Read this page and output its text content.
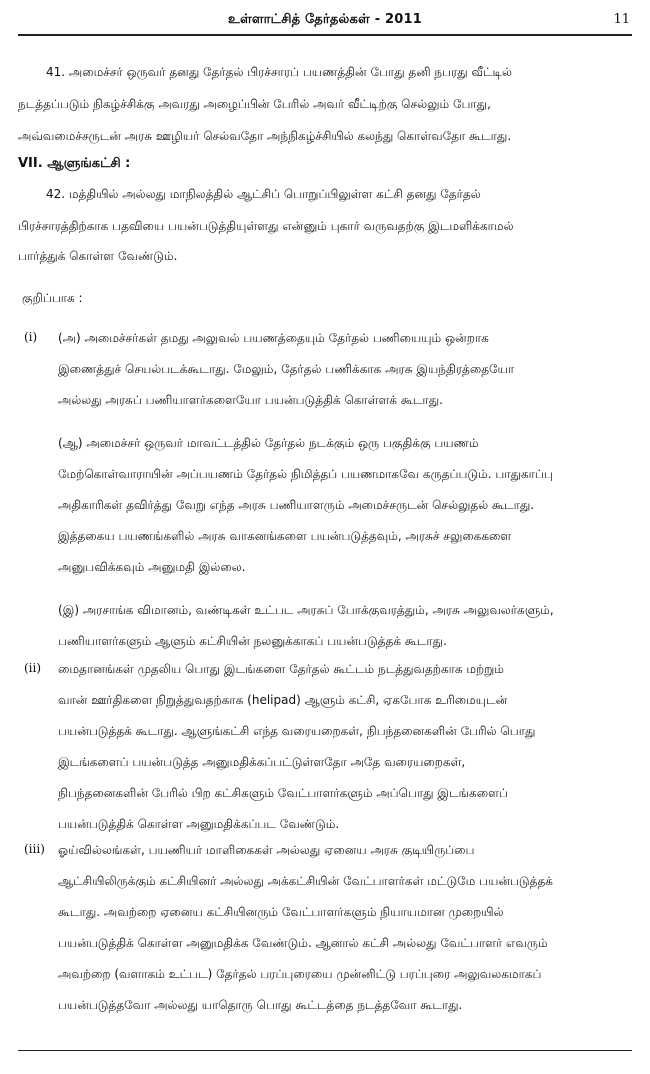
உள்ளாட்சித் தேர்தல்கள் - 2011	11

41. அமைச்சர் ஒருவர் தனது தேர்தல் பிரச்சாரப் பயணத்தின் போது தனி நபரது வீட்டில்

நடத்தப்படும் நிகழ்ச்சிக்கு அவரது அழைப்பின் பேரில் அவர் வீட்டிற்கு செல்லும் போது,

அவ்வமைச்சருடன் அரசு ஊழியர் செல்வதோ அந்நிகழ்ச்சியில் கலந்து கொள்வதோ கூடாது.

VII. ஆளுங்கட்சி :

42. மத்தியில் அல்லது மாநிலத்தில் ஆட்சிப் பொறுப்பிலுள்ள கட்சி தனது தேர்தல்

பிரச்சாரத்திற்காக பதவியை பயன்படுத்தியுள்ளது என்னும் புகார் வருவதற்கு இடமளிக்காமல்

பார்த்துக் கொள்ள வேண்டும்.

குறிப்பாக :

(i) (அ) அமைச்சர்கள் தமது அலுவல் பயணத்தையும் தேர்தல் பணியையும் ஒன்றாக

இணைத்துச் செயல்படக்கூடாது. மேலும், தேர்தல் பணிக்காக அரசு இயந்திரத்தையோ

அல்லது அரசுப் பணியாளர்களையோ பயன்படுத்திக் கொள்ளக் கூடாது.

(ஆ) அமைச்சர் ஒருவர் மாவட்டத்தில் தேர்தல் நடக்கும் ஒரு பகுதிக்கு பயணம்

மேற்கொள்வாராயின் அப்பயணம் தேர்தல் நிமித்தப் பயணமாகவே கருதப்படும். பாதுகாப்பு

அதிகாரிகள் தவிர்த்து வேறு எந்த அரசு பணியாளரும் அமைச்சருடன் செல்லுதல் கூடாது.

இத்தகைய பயணங்களில் அரசு வாகனங்களை பயன்படுத்தவும், அரசுச் சலுகைகளை

அனுபவிக்கவும் அனுமதி இல்லை.

(இ) அரசாங்க விமானம், வண்டிகள் உட்பட அரசுப் போக்குவரத்தும், அரசு அலுவலர்களும்,

பணியாளர்களும் ஆளும் கட்சியின் நலனுக்காகப் பயன்படுத்தக் கூடாது.

(ii) மைதானங்கள் முதலிய பொது இடங்களை தேர்தல் கூட்டம் நடத்துவதற்காக மற்றும்

வான் ஊர்திகளை நிறுத்துவதற்காக (helipad) ஆளும் கட்சி, ஏகபோக உரிமையுடன்

பயன்படுத்தக் கூடாது. ஆளுங்கட்சி எந்த வரையறைகள், நிபந்தனைகளின் பேரில் பொது

இடங்களைப் பயன்படுத்த அனுமதிக்கப்பட்டுள்ளதோ அதே வரையறைகள்,

நிபந்தனைகளின் பேரில் பிற கட்சிகளும் வேட்பாளர்களும் அப்பொது இடங்களைப்

பயன்படுத்திக் கொள்ள அனுமதிக்கப்பட வேண்டும்.

(iii) ஓய்வில்லங்கள், பயணியர் மாளிகைகள் அல்லது ஏனைய அரசு குடியிருப்பை

ஆட்சியிலிருக்கும் கட்சியினர் அல்லது அக்கட்சியின் வேட்பாளர்கள் மட்டுமே பயன்படுத்தக்

கூடாது. அவற்றை ஏனைய கட்சியினரும் வேட்பாளர்களும் நியாயமான முறையில்

பயன்படுத்திக் கொள்ள அனுமதிக்க வேண்டும். ஆனால் கட்சி அல்லது வேட்பாளர் எவரும்

அவற்றை (வளாகம் உட்பட) தேர்தல் பரப்புரையை முன்னிட்டு பரப்புரை அலுவலகமாகப்

பயன்படுத்தவோ அல்லது யாதொரு பொது கூட்டத்தை நடத்தவோ கூடாது.
